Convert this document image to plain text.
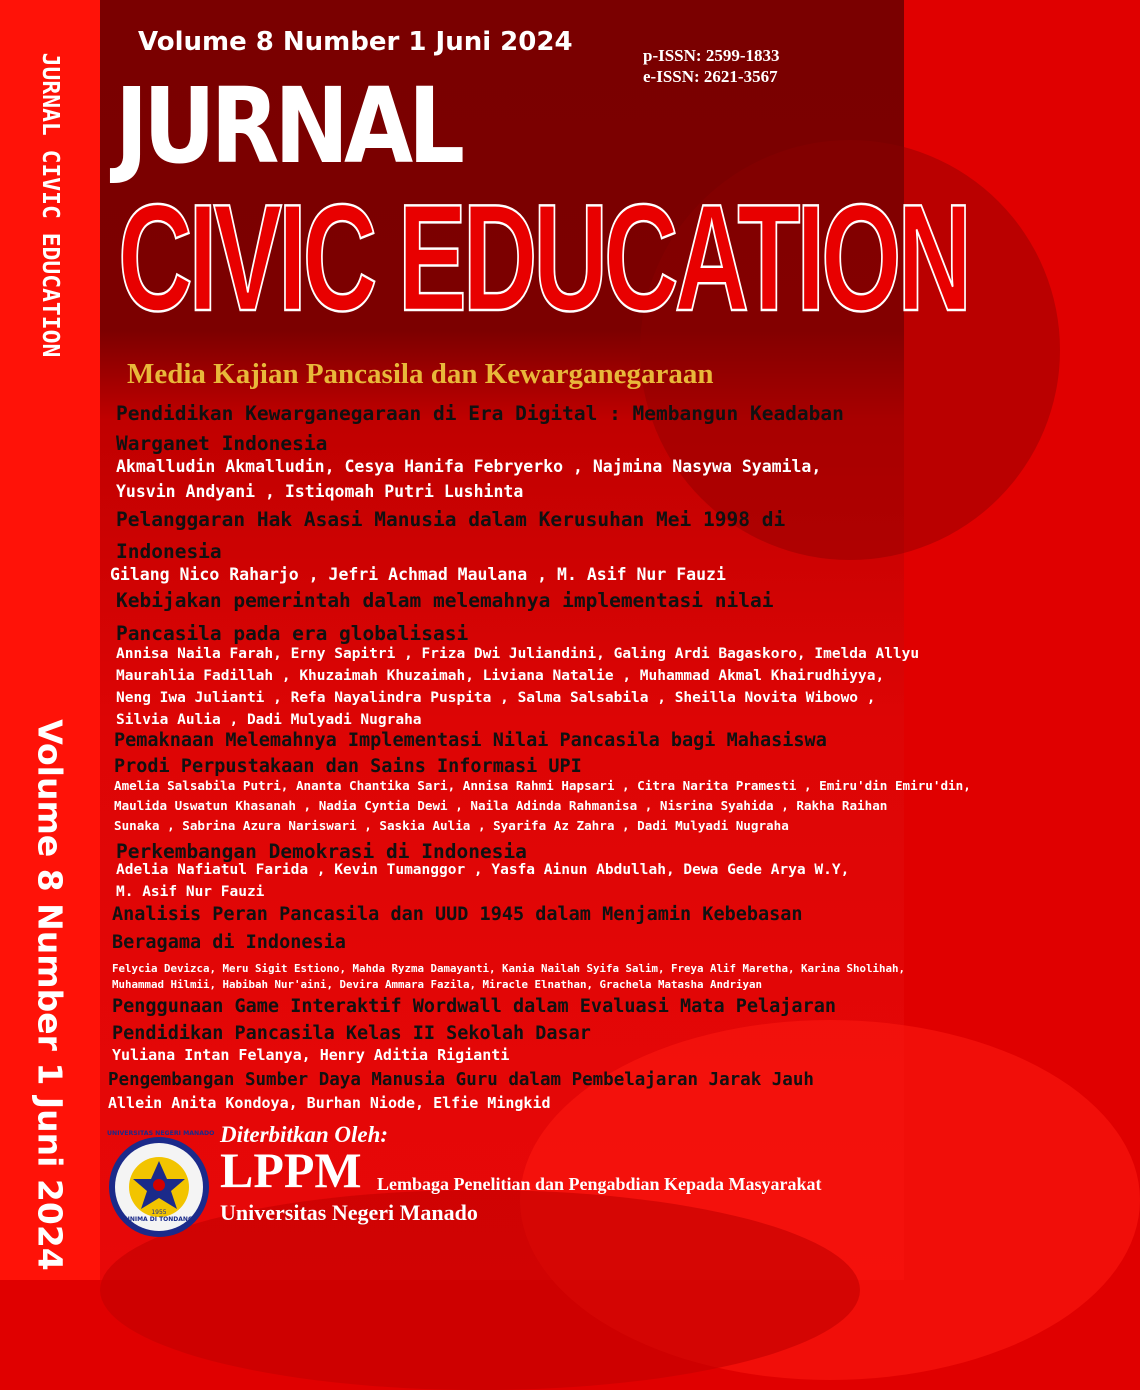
JURNAL CIVIC EDUCATION
Volume 8 Number 1 Juni 2024
Volume 8 Number 1 Juni 2024	p-ISSN: 2599-1833
e-ISSN: 2621-3567
JURNAL
CIVIC EDUCATION
Media Kajian Pancasila dan Kewarganegaraan
Pendidikan Kewarganegaraan di Era Digital : Membangun Keadaban
Warganet Indonesia
Akmalludin Akmalludin, Cesya Hanifa Febryerko , Najmina Nasywa Syamila,
Yusvin Andyani , Istiqomah Putri Lushinta
Pelanggaran Hak Asasi Manusia dalam Kerusuhan Mei 1998 di
Indonesia
Gilang Nico Raharjo , Jefri Achmad Maulana , M. Asif Nur Fauzi
Kebijakan pemerintah dalam melemahnya implementasi nilai
Pancasila pada era globalisasi
Annisa Naila Farah, Erny Sapitri , Friza Dwi Juliandini, Galing Ardi Bagaskoro, Imelda Allyu
Maurahlia Fadillah , Khuzaimah Khuzaimah, Liviana Natalie , Muhammad Akmal Khairudhiyya,
Neng Iwa Julianti , Refa Nayalindra Puspita , Salma Salsabila , Sheilla Novita Wibowo ,
Silvia Aulia , Dadi Mulyadi Nugraha
Pemaknaan Melemahnya Implementasi Nilai Pancasila bagi Mahasiswa
Prodi Perpustakaan dan Sains Informasi UPI
Amelia Salsabila Putri, Ananta Chantika Sari, Annisa Rahmi Hapsari , Citra Narita Pramesti , Emiru'din Emiru'din,
Maulida Uswatun Khasanah , Nadia Cyntia Dewi , Naila Adinda Rahmanisa , Nisrina Syahida , Rakha Raihan
Sunaka , Sabrina Azura Nariswari , Saskia Aulia , Syarifa Az Zahra , Dadi Mulyadi Nugraha
Perkembangan Demokrasi di Indonesia
Adelia Nafiatul Farida , Kevin Tumanggor , Yasfa Ainun Abdullah, Dewa Gede Arya W.Y,
M. Asif Nur Fauzi
Analisis Peran Pancasila dan UUD 1945 dalam Menjamin Kebebasan
Beragama di Indonesia
Felycia Devizca, Meru Sigit Estiono, Mahda Ryzma Damayanti, Kania Nailah Syifa Salim, Freya Alif Maretha, Karina Sholihah,
Muhammad Hilmii, Habibah Nur'aini, Devira Ammara Fazila, Miracle Elnathan, Grachela Matasha Andriyan
Penggunaan Game Interaktif Wordwall dalam Evaluasi Mata Pelajaran
Pendidikan Pancasila Kelas II Sekolah Dasar
Yuliana Intan Felanya, Henry Aditia Rigianti
Pengembangan Sumber Daya Manusia Guru dalam Pembelajaran Jarak Jauh
Allein Anita Kondoya, Burhan Niode, Elfie Mingkid
UNIVERSITAS NEGERI MANADO
UNIMA DI TONDANO
1955
Diterbitkan Oleh:
LPPM Lembaga Penelitian dan Pengabdian Kepada Masyarakat
Universitas Negeri Manado
